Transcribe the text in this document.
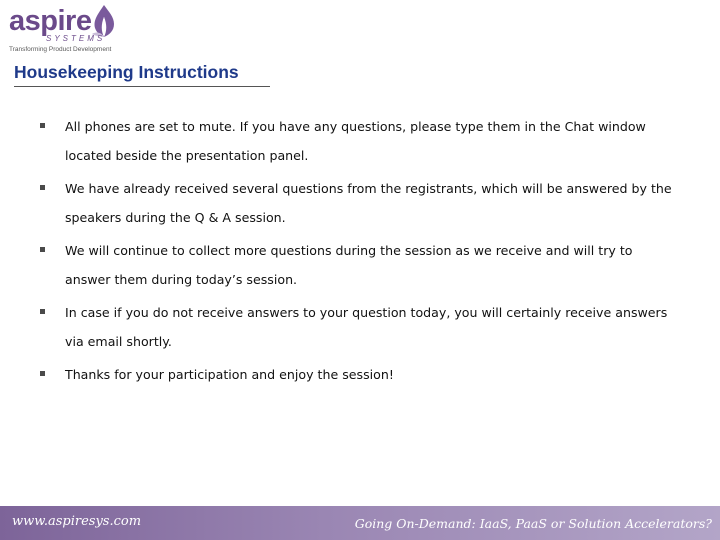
aspire
SYSTEMS
Transforming Product Development
Housekeeping Instructions
All phones are set to mute. If you have any questions, please type them in the Chat window located beside the presentation panel.
We have already received several questions from the registrants, which will be answered by the speakers during the Q & A session.
We will continue to collect more questions during the session as we receive and will try to answer them during today’s session.
In case if you do not receive answers to your question today, you will certainly receive answers via email shortly.
Thanks for your participation and enjoy the session!
www.aspiresys.com	Going On-Demand: IaaS, PaaS or Solution Accelerators?
